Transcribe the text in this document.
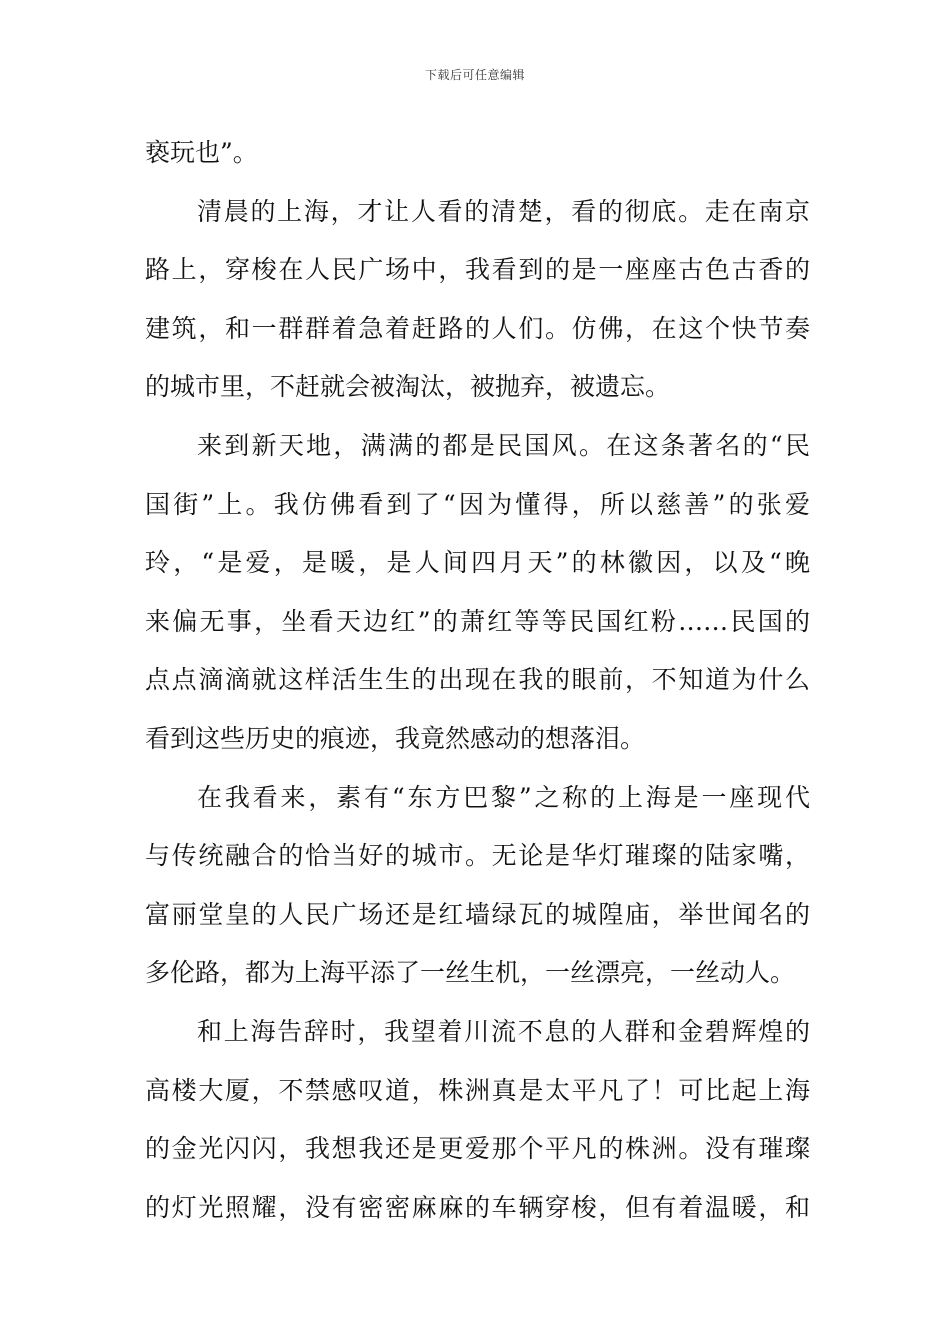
下载后可任意编辑
亵玩也”。
清晨的上海，才让人看的清楚，看的彻底。走在南京
路上，穿梭在人民广场中，我看到的是一座座古色古香的
建筑，和一群群着急着赶路的人们。仿佛，在这个快节奏
的城市里，不赶就会被淘汰，被抛弃，被遗忘。
来到新天地，满满的都是民国风。在这条著名的“民
国街”上。我仿佛看到了“因为懂得，所以慈善”的张爱
玲，“是爱，是暖，是人间四月天”的林徽因，以及“晚
来偏无事，坐看天边红”的萧红等等民国红粉……民国的
点点滴滴就这样活生生的出现在我的眼前，不知道为什么
看到这些历史的痕迹，我竟然感动的想落泪。
在我看来，素有“东方巴黎”之称的上海是一座现代
与传统融合的恰当好的城市。无论是华灯璀璨的陆家嘴，
富丽堂皇的人民广场还是红墙绿瓦的城隍庙，举世闻名的
多伦路，都为上海平添了一丝生机，一丝漂亮，一丝动人。
和上海告辞时，我望着川流不息的人群和金碧辉煌的
高楼大厦，不禁感叹道，株洲真是太平凡了！可比起上海
的金光闪闪，我想我还是更爱那个平凡的株洲。没有璀璨
的灯光照耀，没有密密麻麻的车辆穿梭，但有着温暖，和
